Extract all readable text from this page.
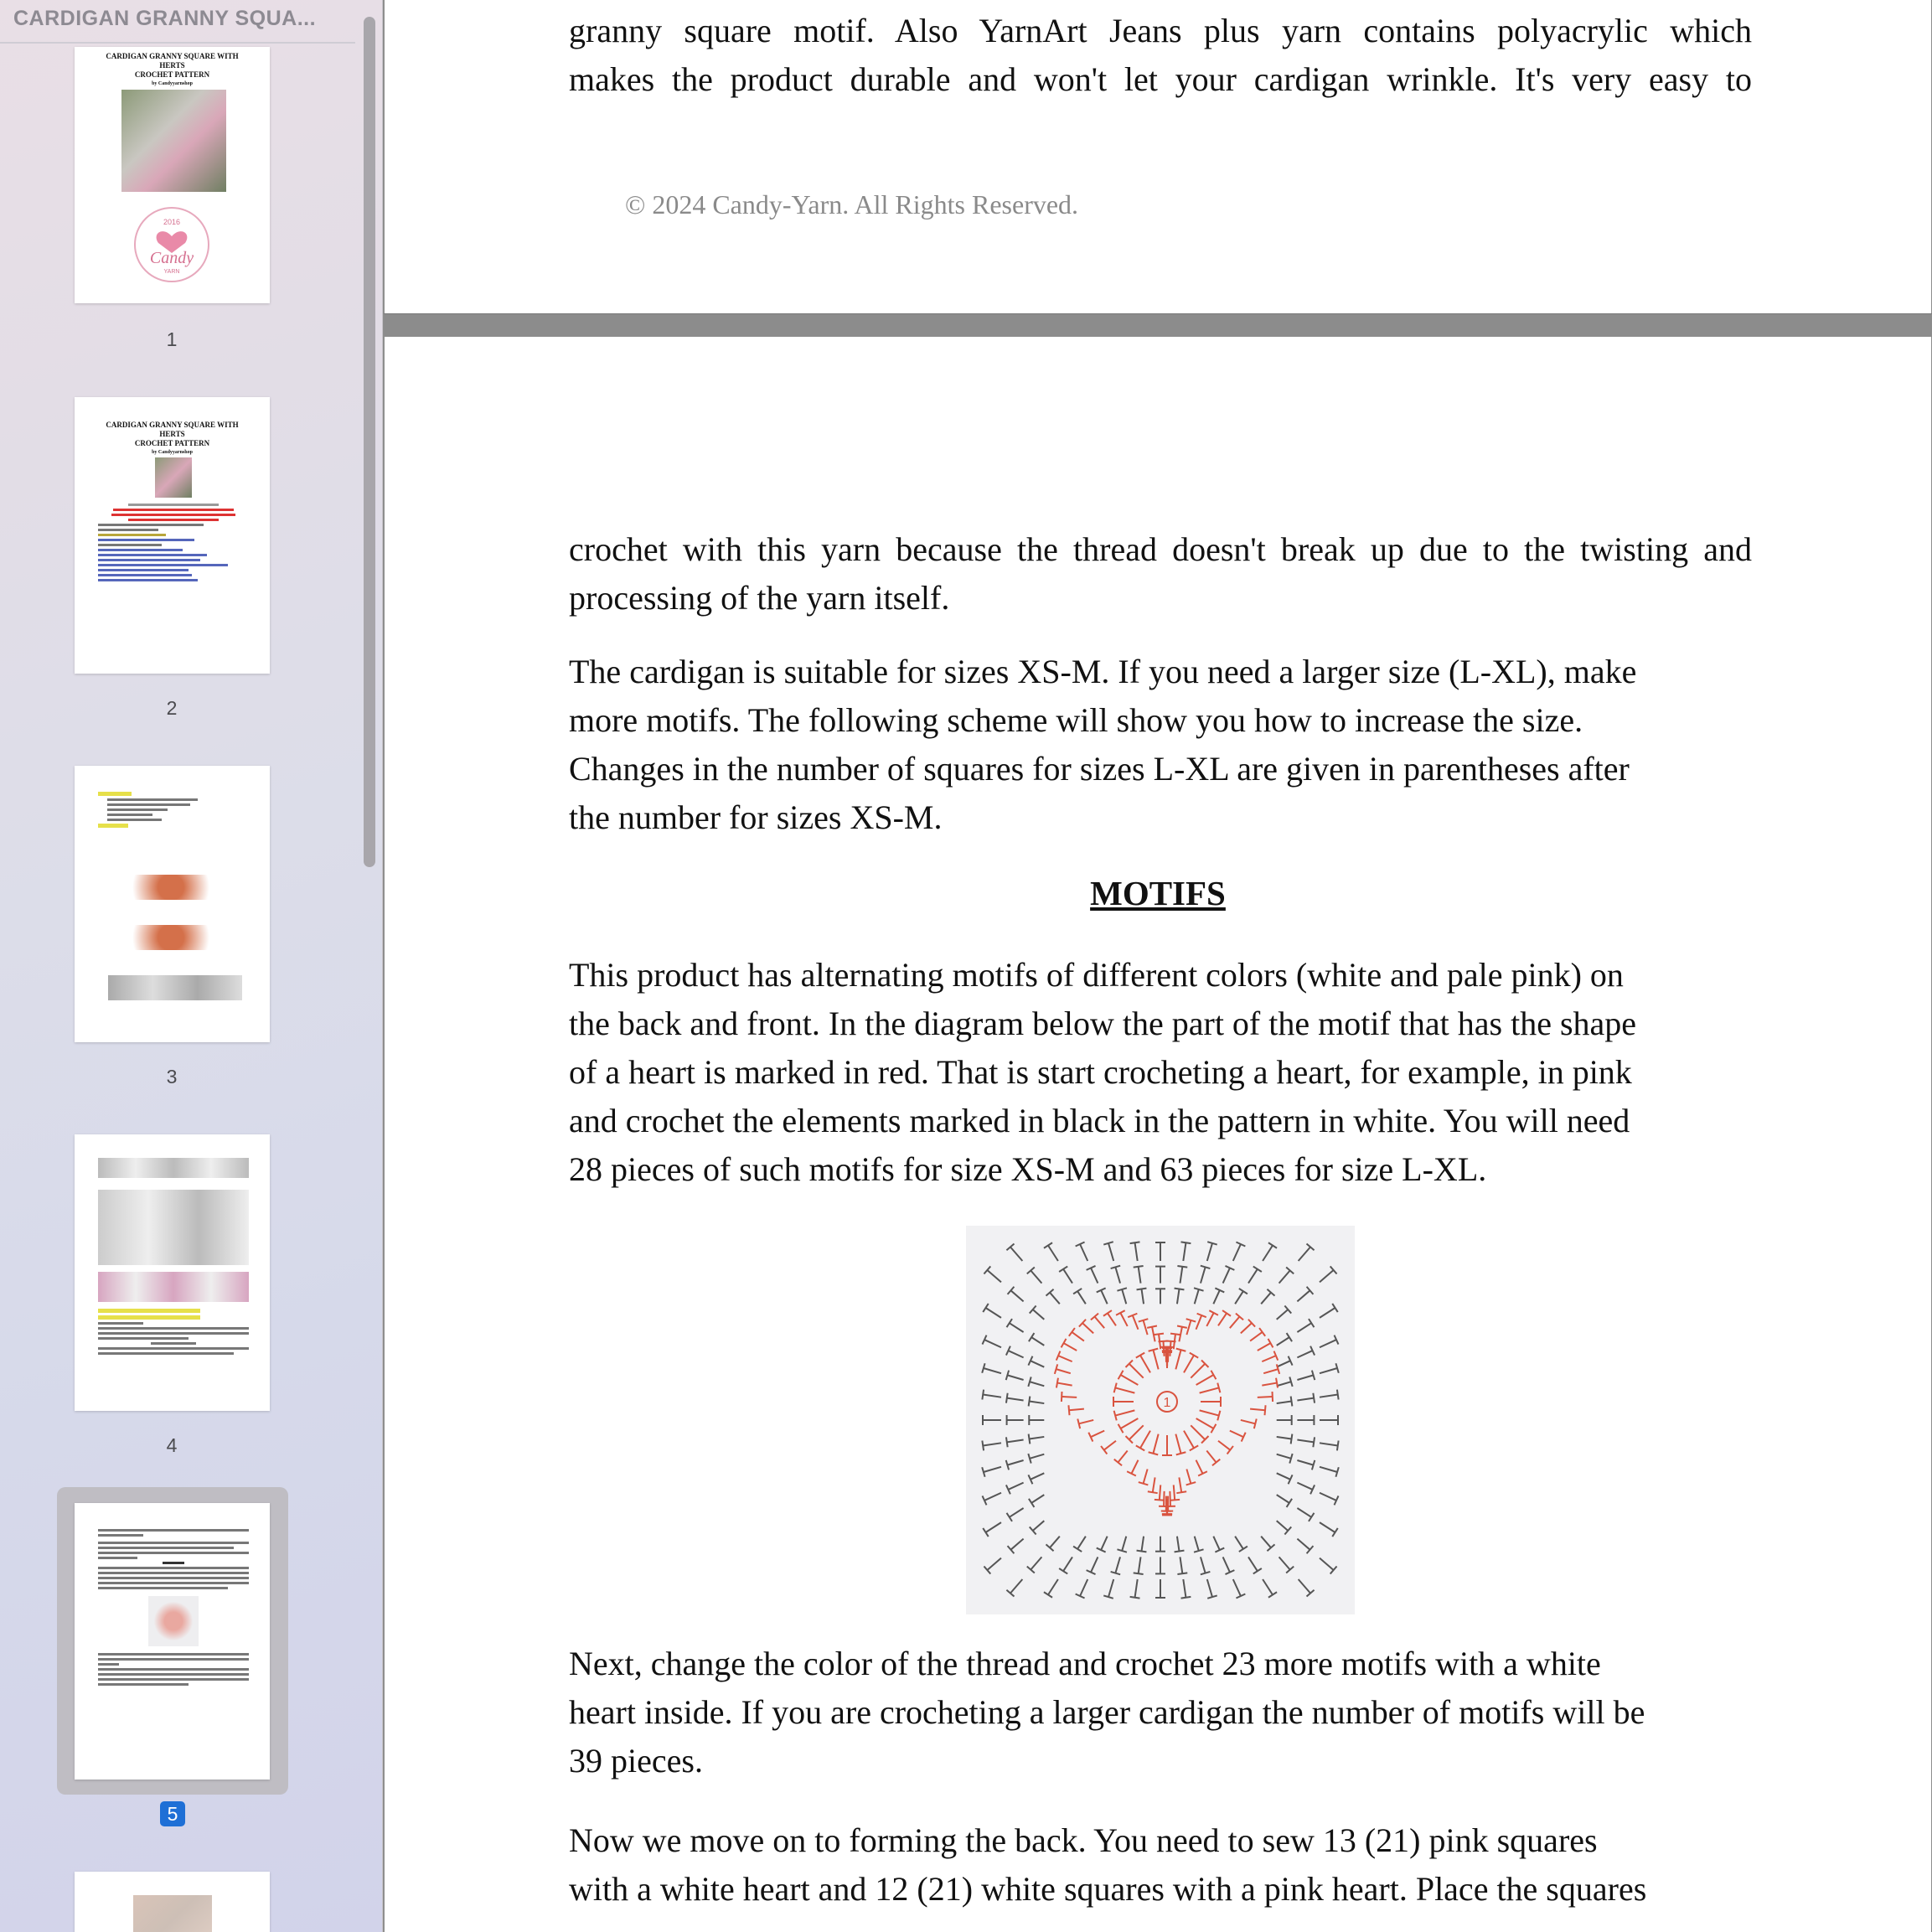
CARDIGAN GRANNY SQUA...
CARDIGAN GRANNY SQUARE WITH
HERTS
CROCHET PATTERN
by Candyyarnshop
2016
Candy
YARN
1
CARDIGAN GRANNY SQUARE WITH
HERTS
CROCHET PATTERN
by Candyyarnshop
2
3
4
5

granny square motif. Also YarnArt Jeans plus yarn contains polyacrylic which

makes the product durable and won't let your cardigan wrinkle. It's very easy to

© 2024 Candy-Yarn. All Rights Reserved.

crochet with this yarn because the thread doesn't break up due to the twisting and

processing of the yarn itself.

The cardigan is suitable for sizes XS-M. If you need a larger size (L-XL), make

more motifs. The following scheme will show you how to increase the size.

Changes in the number of squares for sizes L-XL are given in parentheses after

the number for sizes XS-M.

MOTIFS

This product has alternating motifs of different colors (white and pale pink) on

the back and front. In the diagram below the part of the motif that has the shape

of a heart is marked in red. That is start crocheting a heart, for example, in pink

and crochet the elements marked in black in the pattern in white. You will need

28 pieces of such motifs for size XS-M and 63 pieces for size L-XL.

1

Next, change the color of the thread and crochet 23 more motifs with a white

heart inside. If you are crocheting a larger cardigan the number of motifs will be

39 pieces.

Now we move on to forming the back. You need to sew 13 (21) pink squares

with a white heart and 12 (21) white squares with a pink heart. Place the squares
